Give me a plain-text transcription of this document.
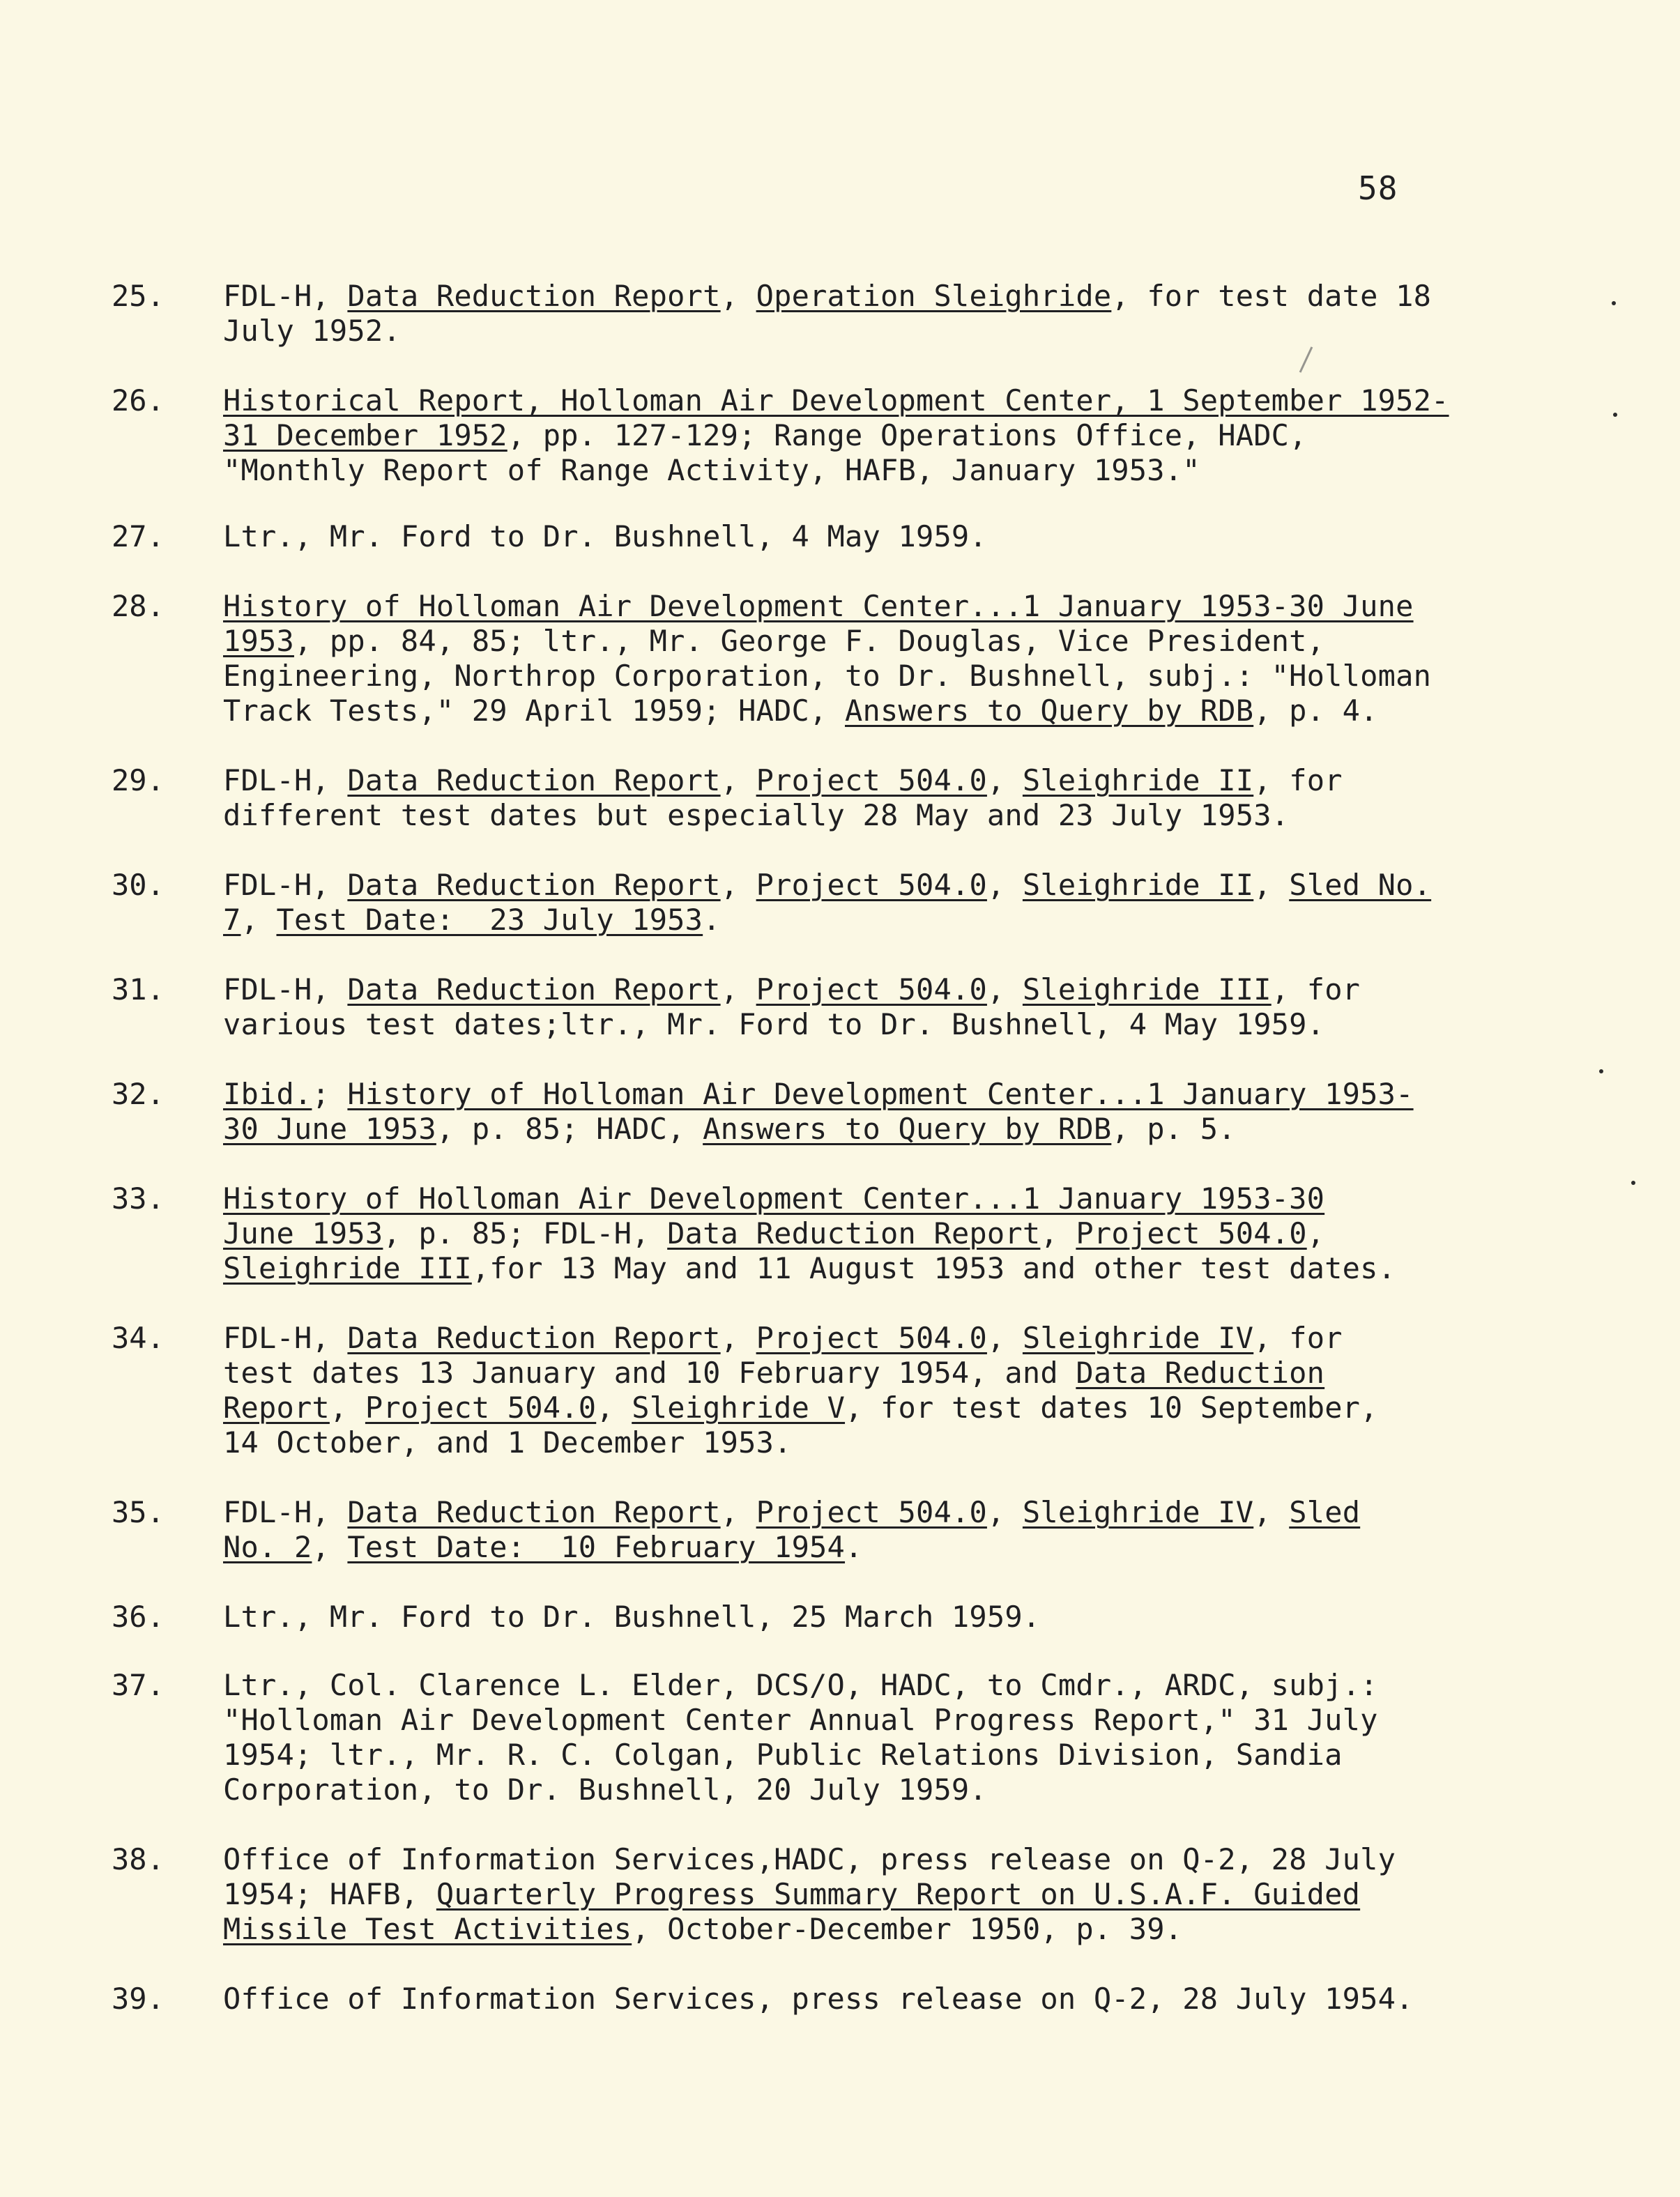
58
25. FDL-H, Data Reduction Report, Operation Sleighride, for test date 18
July 1952.
26. Historical Report, Holloman Air Development Center, 1 September 1952-
31 December 1952, pp. 127-129; Range Operations Office, HADC,
"Monthly Report of Range Activity, HAFB, January 1953."
27. Ltr., Mr. Ford to Dr. Bushnell, 4 May 1959.
28. History of Holloman Air Development Center...1 January 1953-30 June
1953, pp. 84, 85; ltr., Mr. George F. Douglas, Vice President,
Engineering, Northrop Corporation, to Dr. Bushnell, subj.: "Holloman
Track Tests," 29 April 1959; HADC, Answers to Query by RDB, p. 4.
29. FDL-H, Data Reduction Report, Project 504.0, Sleighride II, for
different test dates but especially 28 May and 23 July 1953.
30. FDL-H, Data Reduction Report, Project 504.0, Sleighride II, Sled No.
7, Test Date:  23 July 1953.
31. FDL-H, Data Reduction Report, Project 504.0, Sleighride III, for
various test dates;ltr., Mr. Ford to Dr. Bushnell, 4 May 1959.
32. Ibid.; History of Holloman Air Development Center...1 January 1953-
30 June 1953, p. 85; HADC, Answers to Query by RDB, p. 5.
33. History of Holloman Air Development Center...1 January 1953-30
June 1953, p. 85; FDL-H, Data Reduction Report, Project 504.0,
Sleighride III,for 13 May and 11 August 1953 and other test dates.
34. FDL-H, Data Reduction Report, Project 504.0, Sleighride IV, for
test dates 13 January and 10 February 1954, and Data Reduction
Report, Project 504.0, Sleighride V, for test dates 10 September,
14 October, and 1 December 1953.
35. FDL-H, Data Reduction Report, Project 504.0, Sleighride IV, Sled
No. 2, Test Date:  10 February 1954.
36. Ltr., Mr. Ford to Dr. Bushnell, 25 March 1959.
37. Ltr., Col. Clarence L. Elder, DCS/O, HADC, to Cmdr., ARDC, subj.:
"Holloman Air Development Center Annual Progress Report," 31 July
1954; ltr., Mr. R. C. Colgan, Public Relations Division, Sandia
Corporation, to Dr. Bushnell, 20 July 1959.
38. Office of Information Services,HADC, press release on Q-2, 28 July
1954; HAFB, Quarterly Progress Summary Report on U.S.A.F. Guided
Missile Test Activities, October-December 1950, p. 39.
39. Office of Information Services, press release on Q-2, 28 July 1954.
